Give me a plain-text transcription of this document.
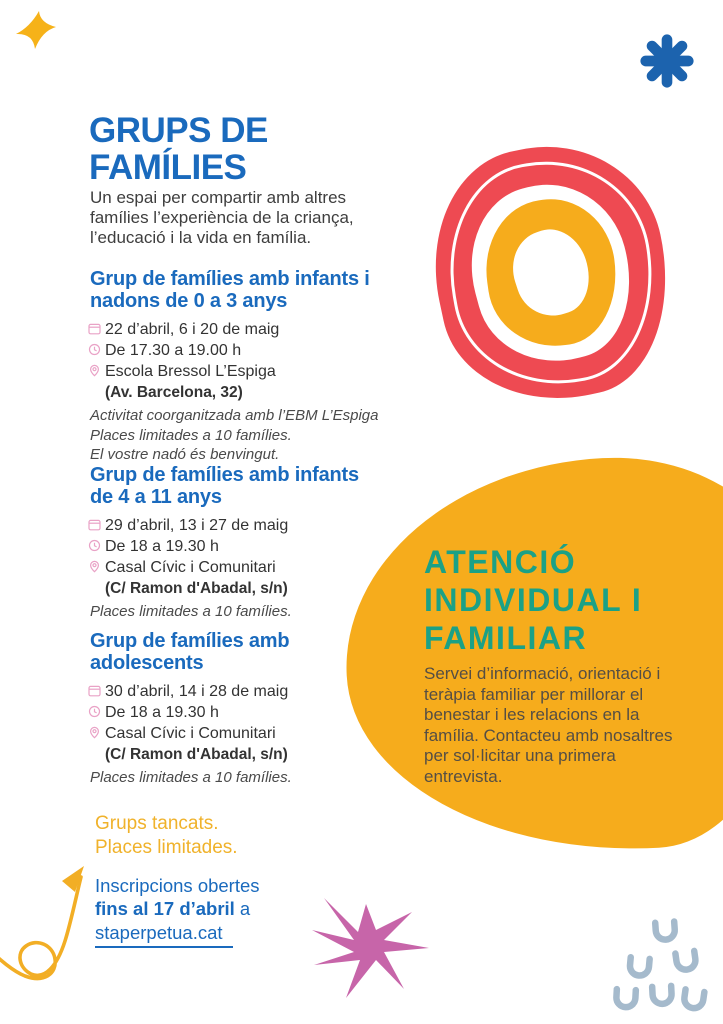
GRUPS DE
FAMÍLIES
Un espai per compartir amb altres famílies l’experiència de la criança, l’educació i la vida en família.
Grup de famílies amb infants i
nadons de 0 a 3 anys
22 d’abril, 6 i 20 de maig
De 17.30 a 19.00 h
Escola Bressol L’Espiga
(Av. Barcelona, 32)
Activitat coorganitzada amb l’EBM L’Espiga
Places limitades a 10 famílies.
El vostre nadó és benvingut.
Grup de famílies amb infants
de 4 a 11 anys
29 d’abril, 13 i 27 de maig
De 18 a 19.30 h
Casal Cívic i Comunitari
(C/ Ramon d'Abadal, s/n)
Places limitades a 10 famílies.
Grup de famílies amb
adolescents
30 d’abril, 14 i 28 de maig
De 18 a 19.30 h
Casal Cívic i Comunitari
(C/ Ramon d'Abadal, s/n)
Places limitades a 10 famílies.
ATENCIÓ
INDIVIDUAL I
FAMILIAR
Servei d’informació, orientació i teràpia familiar per millorar el benestar i les relacions en la família. Contacteu amb nosaltres per sol·licitar una primera entrevista.
Grups tancats.
Places limitades.
Inscripcions obertes
fins al 17 d’abril a
staperpetua.cat
